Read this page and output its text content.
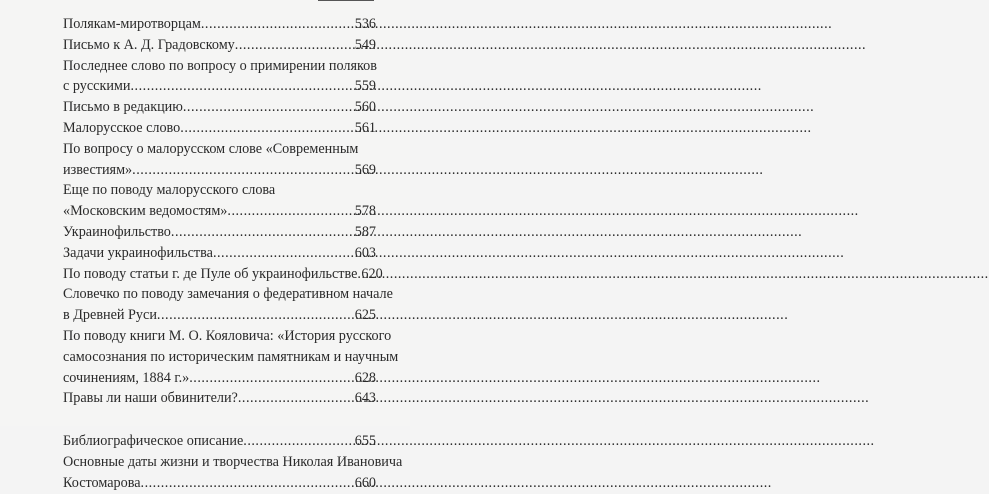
Полякам-миротворцам .....	536
Письмо к А. Д. Градовскому .....	549
Последнее слово по вопросу о примирении поляков
с русскими .....	559
Письмо в редакцию .....	560
Малорусское слово .....	561
По вопросу о малорусском слове «Современным
известиям» .....	569
Еще по поводу малорусского слова
«Московским ведомостям» .....	578
Украинофильство .....	587
Задачи украинофильства .....	603
По поводу статьи г. де Пуле об украинофильстве ..... 620
Словечко по поводу замечания о федеративном начале
в Древней Руси .....	625
По поводу книги М. О. Кояловича: «История русского
самосознания по историческим памятникам и научным
сочинениям, 1884 г.» .....	628
Правы ли наши обвинители? .....	643
Библиографическое описание .....	655
Основные даты жизни и творчества Николая Ивановича
Костомарова .....	660
